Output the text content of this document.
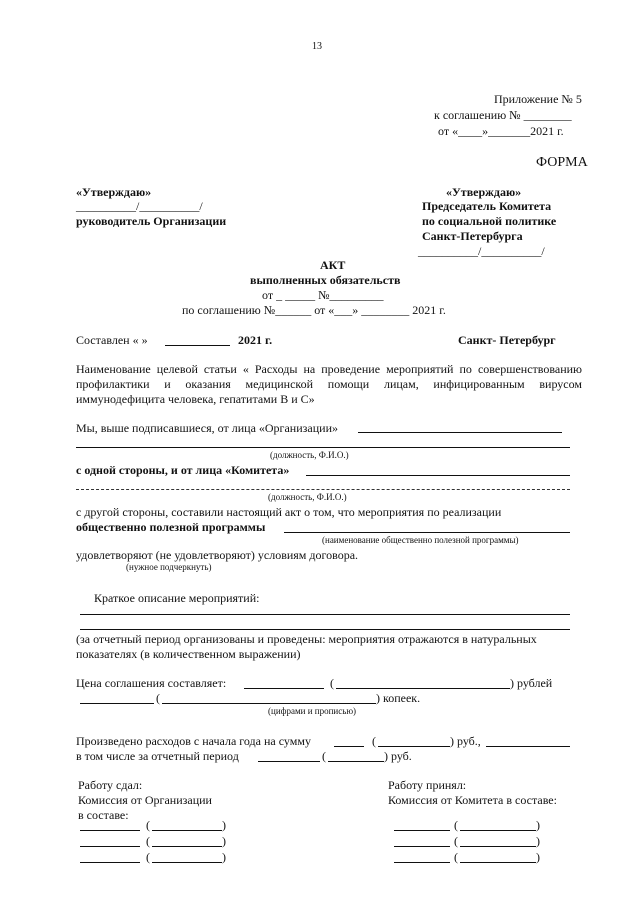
13
Приложение № 5
к соглашению № ________
от «____»_______2021 г.
ФОРМА
«Утверждаю»
__________/__________/
руководитель Организации
«Утверждаю»
Председатель Комитета
по социальной политике
Санкт-Петербурга
__________/__________/
АКТ
выполненных обязательств
от _ _____ №_________
по соглашению №______ от «___» ________ 2021 г.
Составлен « »	2021 г.	Санкт- Петербург
Наименование целевой статьи « Расходы на проведение мероприятий по совершенствованию
профилактики и оказания медицинской помощи лицам, инфицированным вирусом
иммунодефицита человека, гепатитами В и С»
Мы, выше подписавшиеся, от лица «Организации»
(должность, Ф.И.О.)
с одной стороны, и от лица «Комитета»
(должность, Ф.И.О.)
с другой стороны, составили настоящий акт о том, что мероприятия по реализации
общественно полезной программы
(наименование общественно полезной программы)
удовлетворяют (не удовлетворяют) условиям договора.
(нужное подчеркнуть)
Краткое описание мероприятий:
(за отчетный период организованы и проведены: мероприятия отражаются в натуральных
показателях (в количественном выражении)
Цена соглашения составляет:	(	) рублей
(	) копеек.
(цифрами и прописью)
Произведено расходов с начала года на сумму	(	) руб.,
в том числе за отчетный период	(	) руб.
Работу сдал:
Комиссия от Организации
в составе:
(	)
(	)
(	)
Работу принял:
Комиссия от Комитета в составе:
(	)
(	)
(	)
